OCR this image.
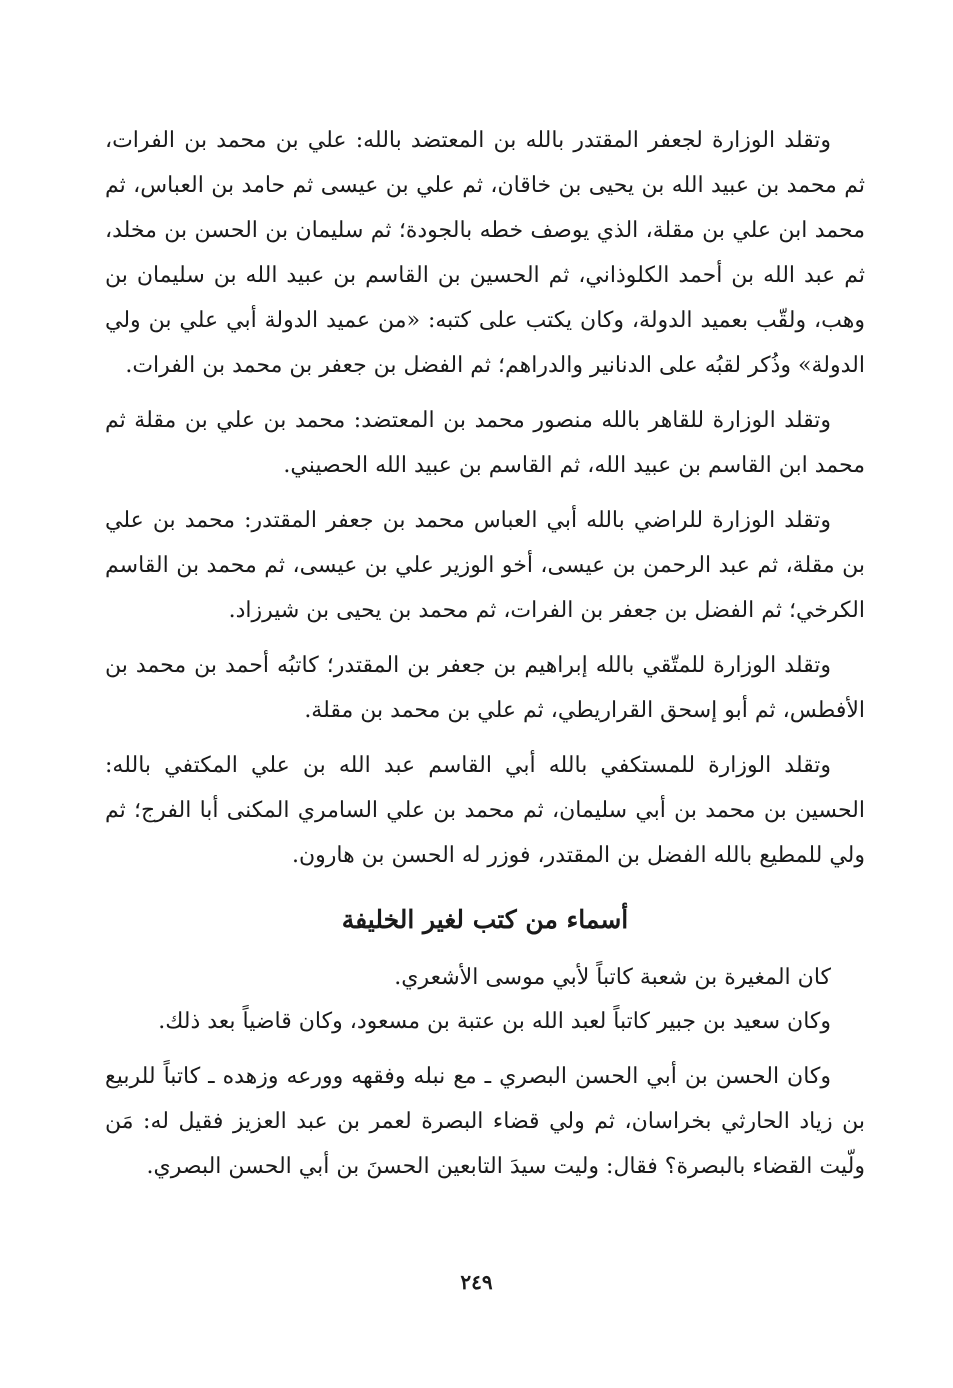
وتقلد الوزارة لجعفر المقتدر بالله بن المعتضد بالله: علي بن محمد بن الفرات، ثم محمد بن عبيد الله بن يحيى بن خاقان، ثم علي بن عيسى ثم حامد بن العباس، ثم محمد ابن علي بن مقلة، الذي يوصف خطه بالجودة؛ ثم سليمان بن الحسن بن مخلد، ثم عبد الله بن أحمد الكلوذاني، ثم الحسين بن القاسم بن عبيد الله بن سليمان بن وهب، ولقّب بعميد الدولة، وكان يكتب على كتبه: «من عميد الدولة أبي علي بن ولي الدولة» وذُكر لقبُه على الدنانير والدراهم؛ ثم الفضل بن جعفر بن محمد بن الفرات.

وتقلد الوزارة للقاهر بالله منصور محمد بن المعتضد: محمد بن علي بن مقلة ثم محمد ابن القاسم بن عبيد الله، ثم القاسم بن عبيد الله الحصيني.

وتقلد الوزارة للراضي بالله أبي العباس محمد بن جعفر المقتدر: محمد بن علي بن مقلة، ثم عبد الرحمن بن عيسى، أخو الوزير علي بن عيسى، ثم محمد بن القاسم الكرخي؛ ثم الفضل بن جعفر بن الفرات، ثم محمد بن يحيى بن شيرزاد.

وتقلد الوزارة للمتّقي بالله إبراهيم بن جعفر بن المقتدر؛ كاتبُه أحمد بن محمد بن الأفطس، ثم أبو إسحق القراريطي، ثم علي بن محمد بن مقلة.

وتقلد الوزارة للمستكفي بالله أبي القاسم عبد الله بن علي المكتفي بالله: الحسين بن محمد بن أبي سليمان، ثم محمد بن علي السامري المكنى أبا الفرج؛ ثم ولي للمطيع بالله الفضل بن المقتدر، فوزر له الحسن بن هارون.

أسماء من كتب لغير الخليفة

كان المغيرة بن شعبة كاتباً لأبي موسى الأشعري.

وكان سعيد بن جبير كاتباً لعبد الله بن عتبة بن مسعود، وكان قاضياً بعد ذلك.

وكان الحسن بن أبي الحسن البصري ـ مع نبله وفقهه وورعه وزهده ـ كاتباً للربيع بن زياد الحارثي بخراسان، ثم ولي قضاء البصرة لعمر بن عبد العزيز فقيل له: مَن ولّيت القضاء بالبصرة؟ فقال: وليت سيدَ التابعين الحسنَ بن أبي الحسن البصري.

٢٤٩
